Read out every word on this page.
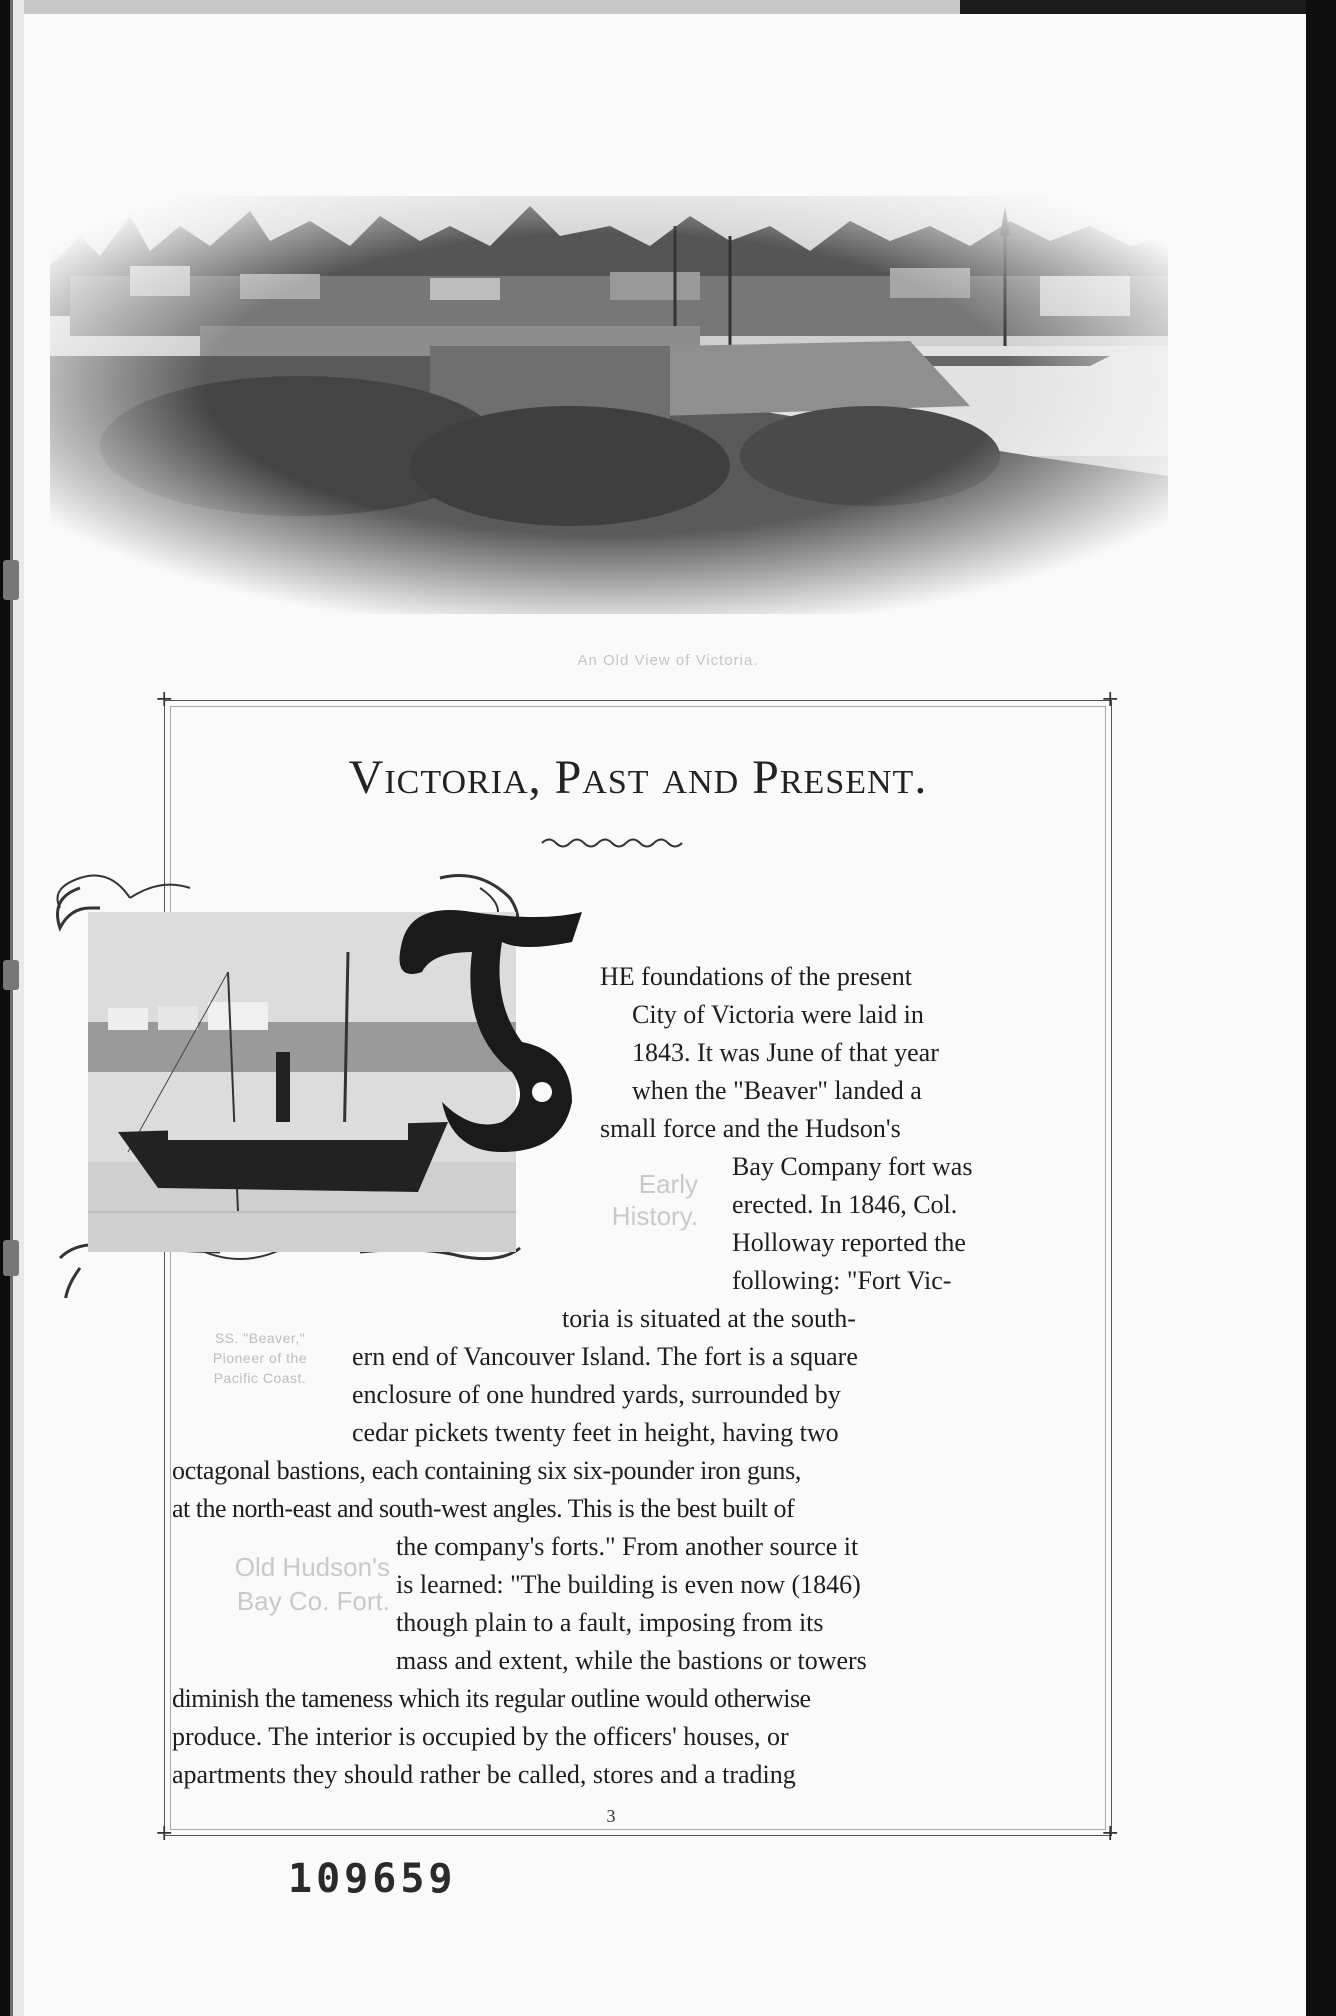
An Old View of Victoria.
+	+
+	+
Victoria, Past and Present.
SS. "Beaver,"
Pioneer of the
Pacific Coast.
Early
History.
Old Hudson's
Bay Co. Fort.
HE foundations of the present
City of Victoria were laid in
1843. It was June of that year
when the "Beaver" landed a
small force and the Hudson's
Bay Company fort was
erected. In 1846, Col.
Holloway reported the
following: "Fort Vic-
toria is situated at the south-
ern end of Vancouver Island. The fort is a square
enclosure of one hundred yards, surrounded by
cedar pickets twenty feet in height, having two
octagonal bastions, each containing six six-pounder iron guns,
at the north-east and south-west angles. This is the best built of
the company's forts." From another source it
is learned: "The building is even now (1846)
though plain to a fault, imposing from its
mass and extent, while the bastions or towers
diminish the tameness which its regular outline would otherwise
produce. The interior is occupied by the officers' houses, or
apartments they should rather be called, stores and a trading
3
109659
